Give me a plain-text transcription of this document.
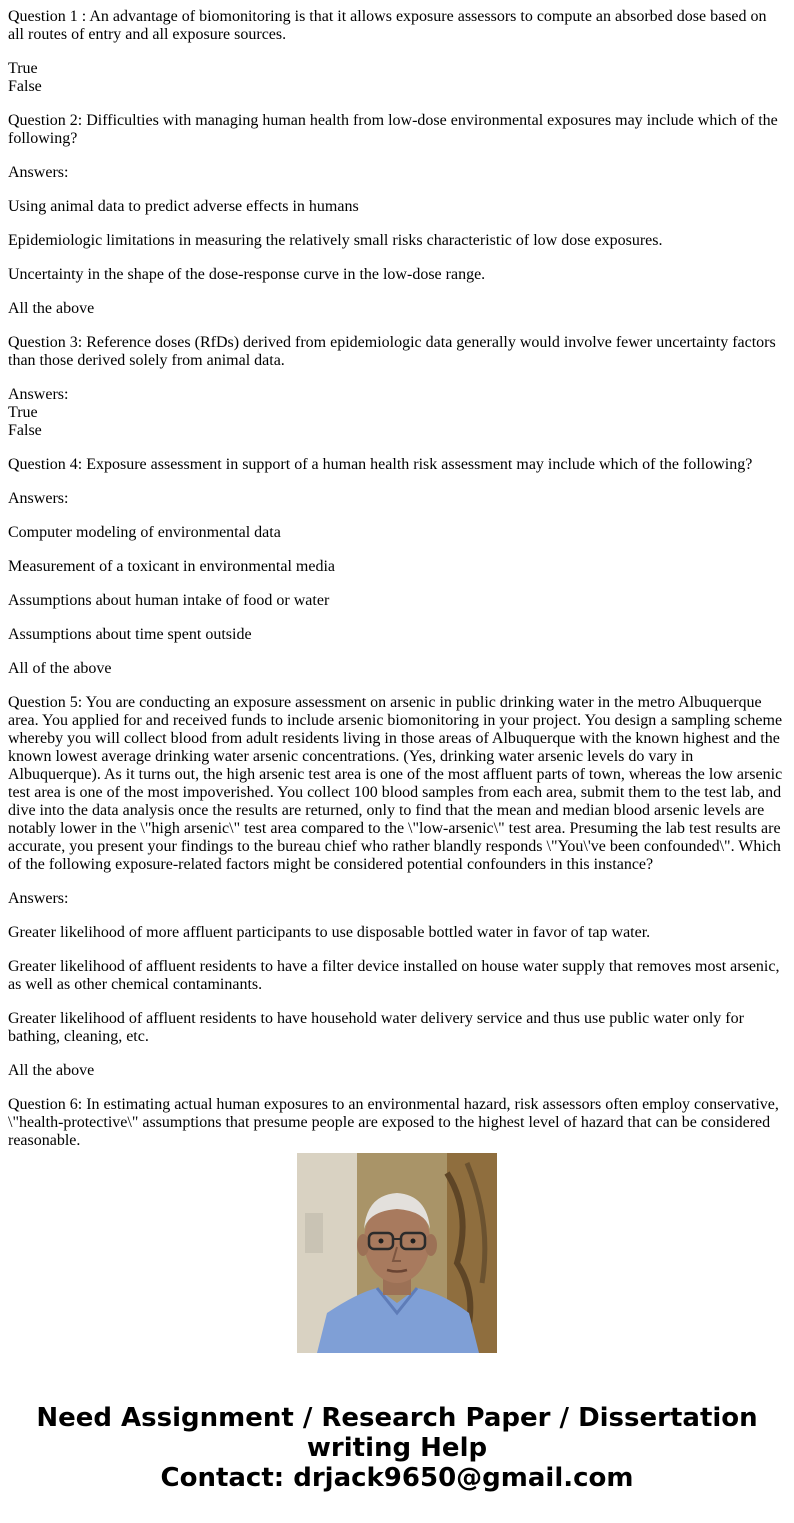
Question 1 : An advantage of biomonitoring is that it allows exposure assessors to compute an absorbed dose based on all routes of entry and all exposure sources.

True
False

Question 2: Difficulties with managing human health from low-dose environmental exposures may include which of the following?

Answers:

Using animal data to predict adverse effects in humans

Epidemiologic limitations in measuring the relatively small risks characteristic of low dose exposures.

Uncertainty in the shape of the dose-response curve in the low-dose range.

All the above

Question 3: Reference doses (RfDs) derived from epidemiologic data generally would involve fewer uncertainty factors than those derived solely from animal data.

Answers:
True
False

Question 4: Exposure assessment in support of a human health risk assessment may include which of the following?

Answers:

Computer modeling of environmental data

Measurement of a toxicant in environmental media

Assumptions about human intake of food or water

Assumptions about time spent outside

All of the above

Question 5: You are conducting an exposure assessment on arsenic in public drinking water in the metro Albuquerque area. You applied for and received funds to include arsenic biomonitoring in your project. You design a sampling scheme whereby you will collect blood from adult residents living in those areas of Albuquerque with the known highest and the known lowest average drinking water arsenic concentrations. (Yes, drinking water arsenic levels do vary in Albuquerque). As it turns out, the high arsenic test area is one of the most affluent parts of town, whereas the low arsenic test area is one of the most impoverished. You collect 100 blood samples from each area, submit them to the test lab, and dive into the data analysis once the results are returned, only to find that the mean and median blood arsenic levels are notably lower in the \"high arsenic\" test area compared to the \"low-arsenic\" test area. Presuming the lab test results are accurate, you present your findings to the bureau chief who rather blandly responds \"You\'ve been confounded\". Which of the following exposure-related factors might be considered potential confounders in this instance?

Answers:

Greater likelihood of more affluent participants to use disposable bottled water in favor of tap water.

Greater likelihood of affluent residents to have a filter device installed on house water supply that removes most arsenic, as well as other chemical contaminants.

Greater likelihood of affluent residents to have household water delivery service and thus use public water only for bathing, cleaning, etc.

All the above

Question 6: In estimating actual human exposures to an environmental hazard, risk assessors often employ conservative, \"health-protective\" assumptions that presume people are exposed to the highest level of hazard that can be considered reasonable.

Need Assignment / Research Paper / Dissertation
writing Help
Contact: drjack9650@gmail.com
